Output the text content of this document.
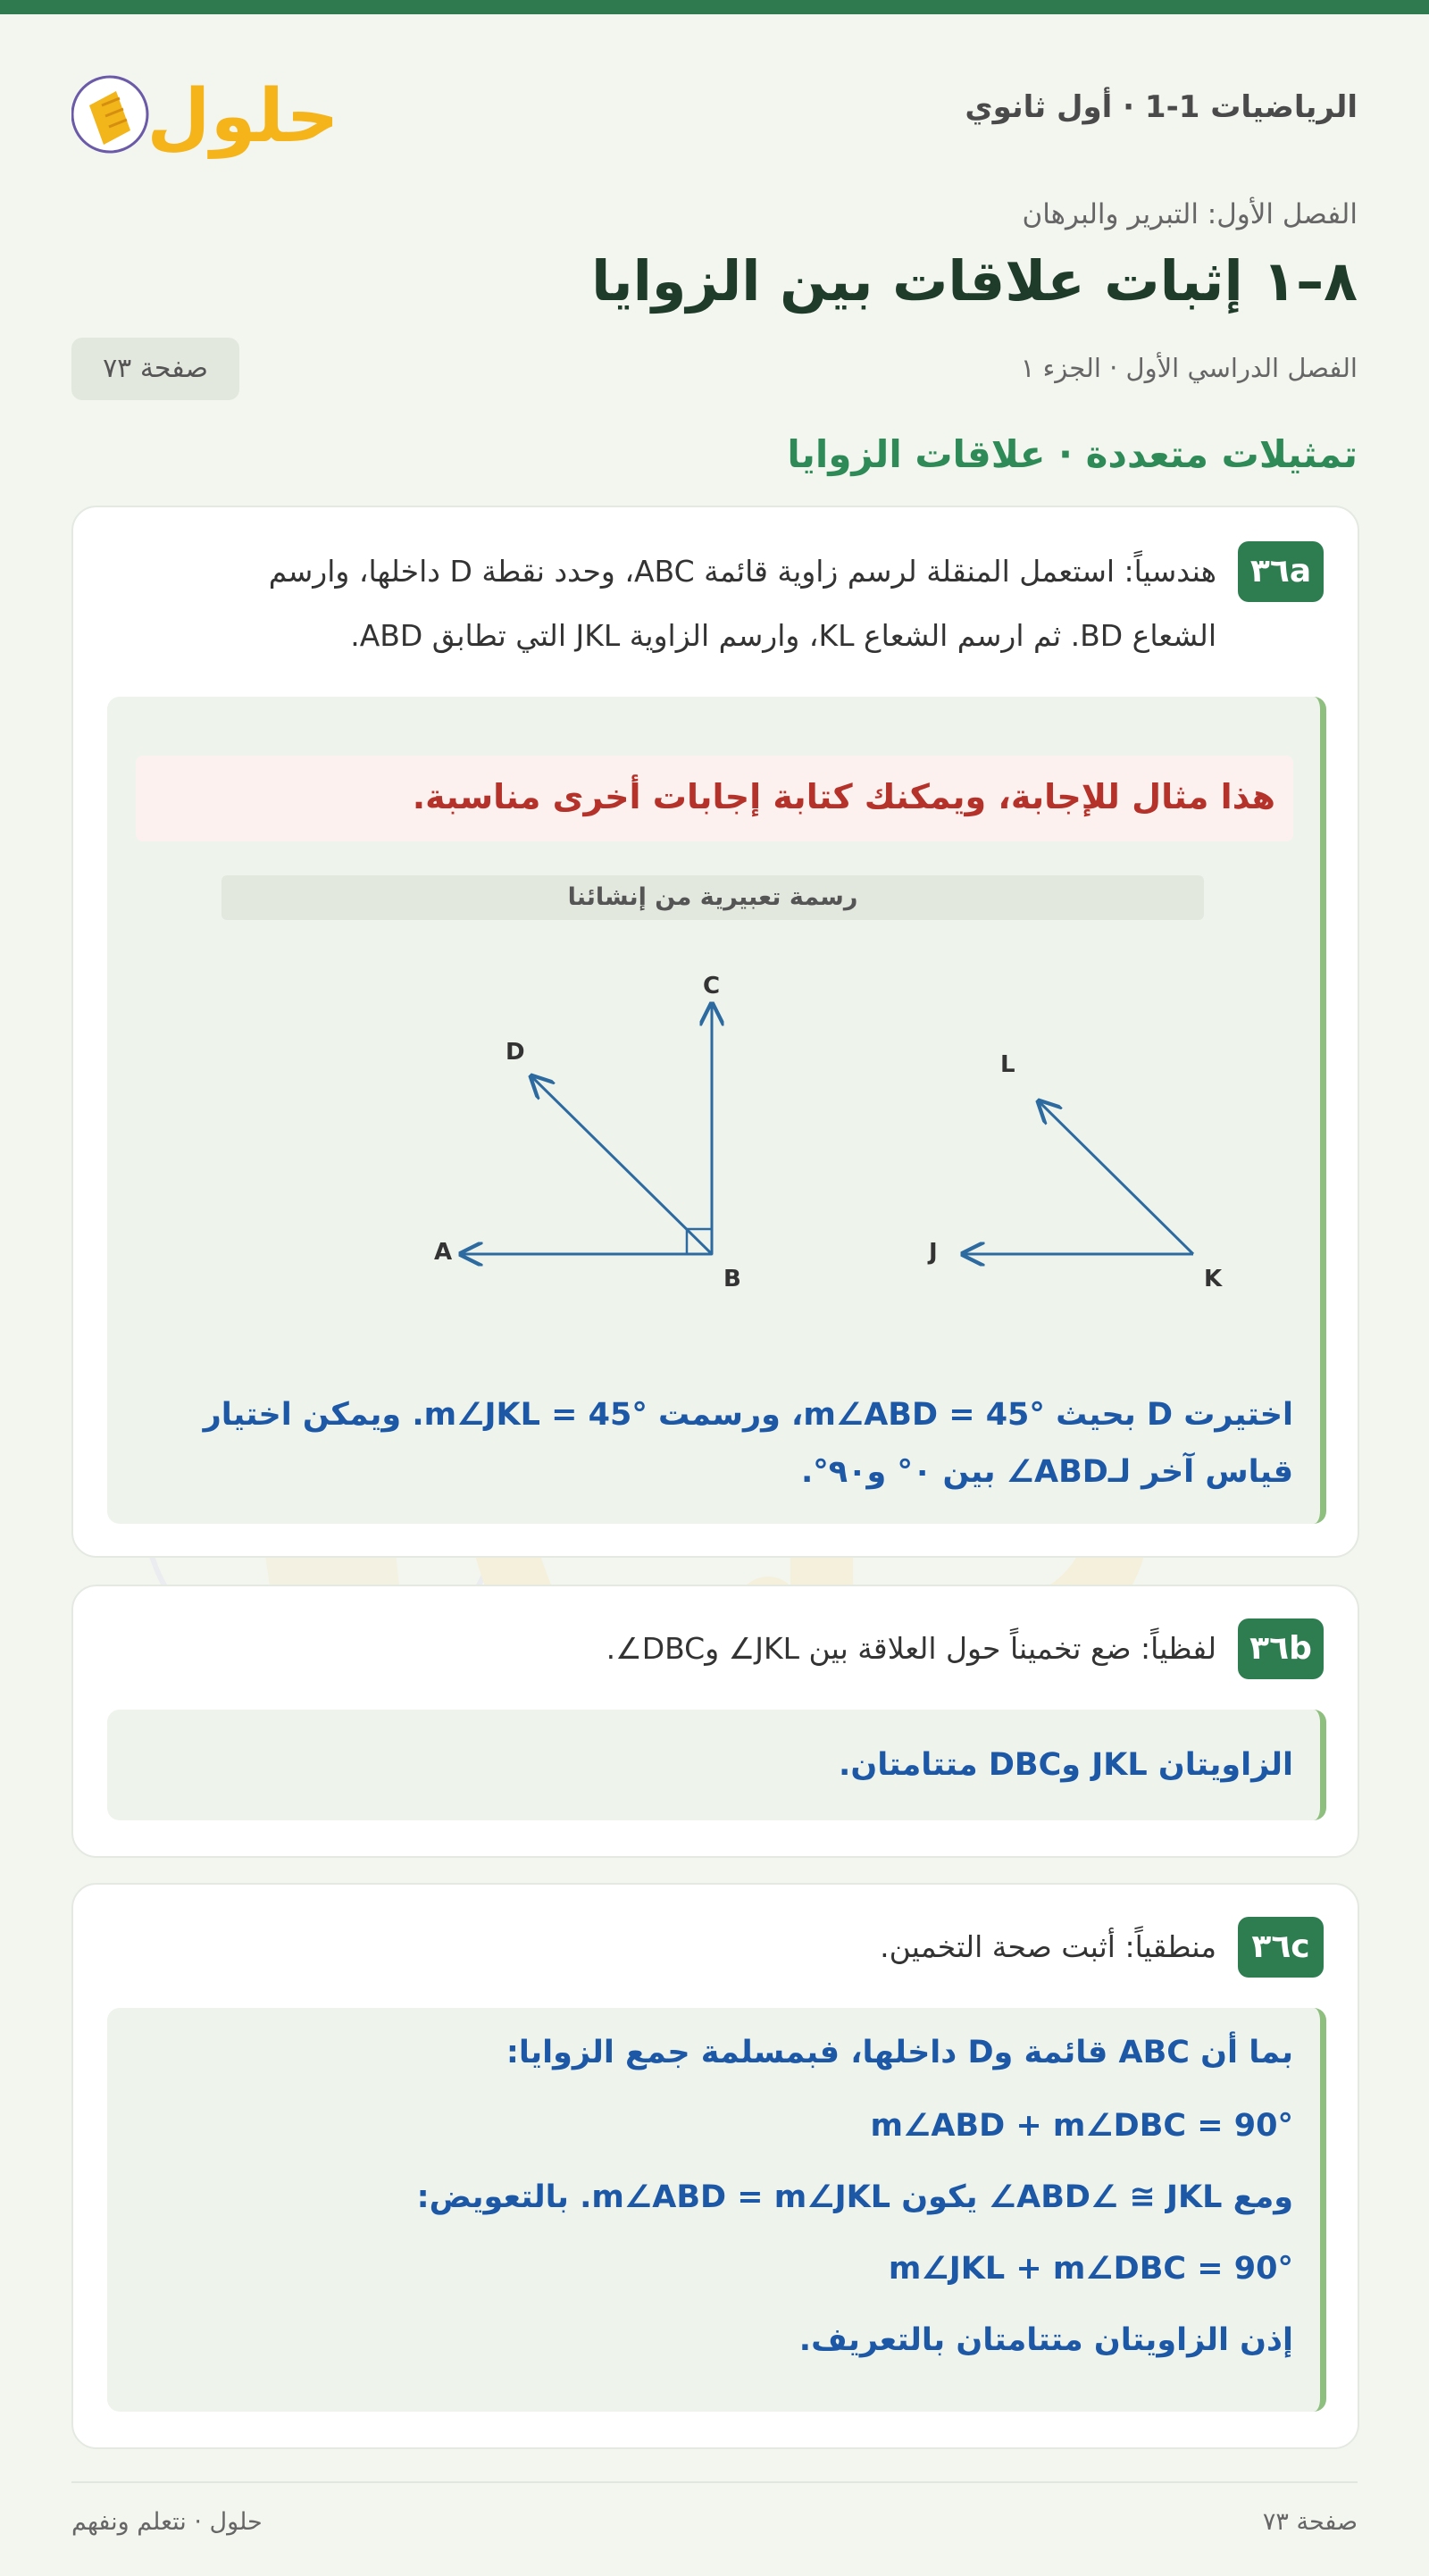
الرياضيات 1-1 · أول ثانوي
حلول
الفصل الأول: التبرير والبرهان
٨–١ إثبات علاقات بين الزوايا
الفصل الدراسي الأول · الجزء ١
صفحة ٧٣
تمثيلات متعددة · علاقات الزوايا
٣٦a
هندسياً: استعمل المنقلة لرسم زاوية قائمة ABC، وحدد نقطة D داخلها، وارسم
الشعاع BD. ثم ارسم الشعاع KL، وارسم الزاوية JKL التي تطابق ABD.
هذا مثال للإجابة، ويمكنك كتابة إجابات أخرى مناسبة.
رسمة تعبيرية من إنشائنا
A
B
C
D
J
K
L
اختيرت D بحيث m∠ABD = 45°، ورسمت m∠JKL = 45°. ويمكن اختيار
قياس آخر لـABD∠ بين ٠° و٩٠°.
٣٦b
لفظياً: ضع تخميناً حول العلاقة بين JKL∠ وDBC∠.
الزاويتان JKL وDBC متتامتان.
٣٦c
منطقياً: أثبت صحة التخمين.
بما أن ABC قائمة وD داخلها، فبمسلمة جمع الزوايا:
m∠ABD + m∠DBC = 90°
ومع ABD∠ ≅ JKL∠ يكون m∠ABD = m∠JKL. بالتعويض:
m∠JKL + m∠DBC = 90°
إذن الزاويتان متتامتان بالتعريف.
حلول · نتعلم ونفهم	صفحة ٧٣
